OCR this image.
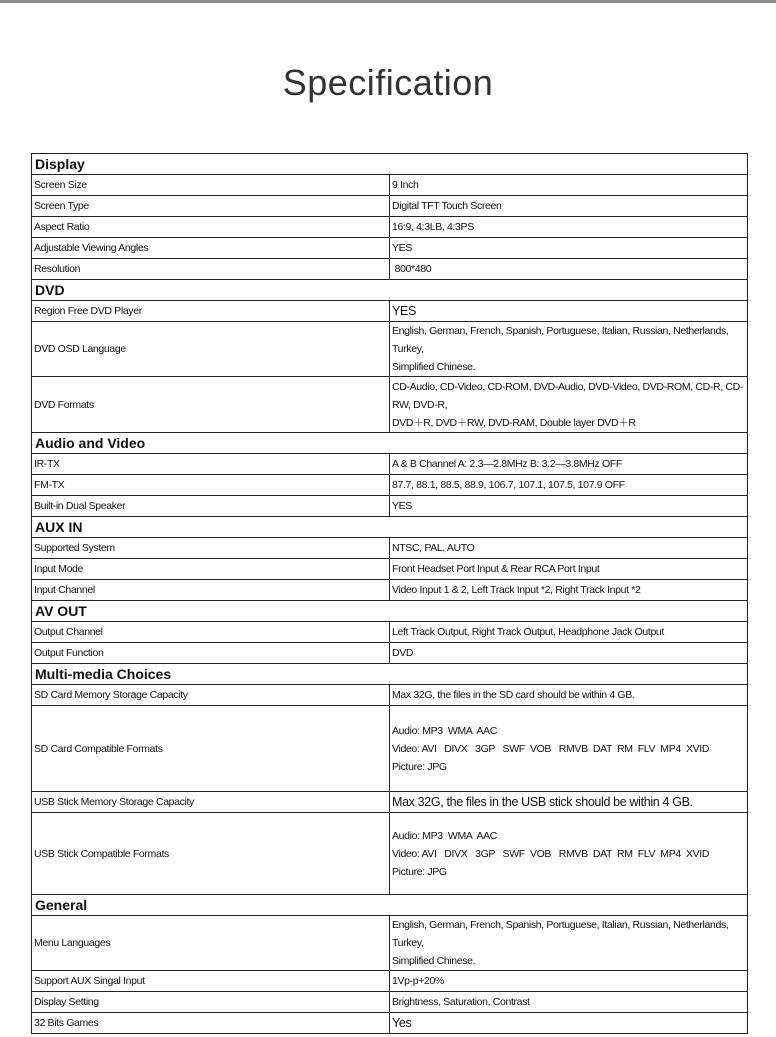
Specification
Display	
Screen Size	9 Inch

Screen Type	Digital TFT Touch Screen

Aspect Ratio	16:9, 4:3LB, 4:3PS

Adjustable Viewing Angles	YES

Resolution	800*480

DVD	
Region Free DVD Player	YES

DVD OSD Language	English, German, French, Spanish, Portuguese, Italian, Russian, Netherlands, Turkey,
Simplified Chinese.

DVD Formats	CD-Audio, CD-Video, CD-ROM, DVD-Audio, DVD-Video, DVD-ROM, CD-R, CD-RW, DVD-R,
DVD＋R, DVD＋RW, DVD-RAM, Double layer DVD＋R

Audio and Video	
IR-TX	A & B Channel A: 2.3—2.8MHz B: 3.2—3.8MHz OFF

FM-TX	87.7, 88.1, 88.5, 88.9, 106.7, 107.1, 107.5, 107.9 OFF

Built-in Dual Speaker	YES

AUX IN	
Supported System	NTSC, PAL, AUTO

Input Mode	Front Headset Port Input & Rear RCA Port Input

Input Channel	Video Input 1 & 2, Left Track Input *2, Right Track Input *2

AV OUT	
Output Channel	Left Track Output, Right Track Output, Headphone Jack Output

Output Function	DVD

Multi-media Choices	
SD Card Memory Storage Capacity	Max 32G, the files in the SD card should be within 4 GB.

SD Card Compatible Formats	Audio: MP3  WMA  AAC
Video: AVI   DIVX   3GP   SWF  VOB   RMVB  DAT  RM  FLV  MP4  XVID
Picture: JPG

USB Stick Memory Storage Capacity	Max 32G, the files in the USB stick should be within 4 GB.

USB Stick Compatible Formats	Audio: MP3  WMA  AAC
Video: AVI   DIVX   3GP   SWF  VOB   RMVB  DAT  RM  FLV  MP4  XVID
Picture: JPG

General	
Menu Languages	English, German, French, Spanish, Portuguese, Italian, Russian, Netherlands, Turkey,
Simplified Chinese.

Support AUX Singal Input	1Vp-p+20%

Display Setting	Brightness, Saturation, Contrast

32 Bits Games	Yes
